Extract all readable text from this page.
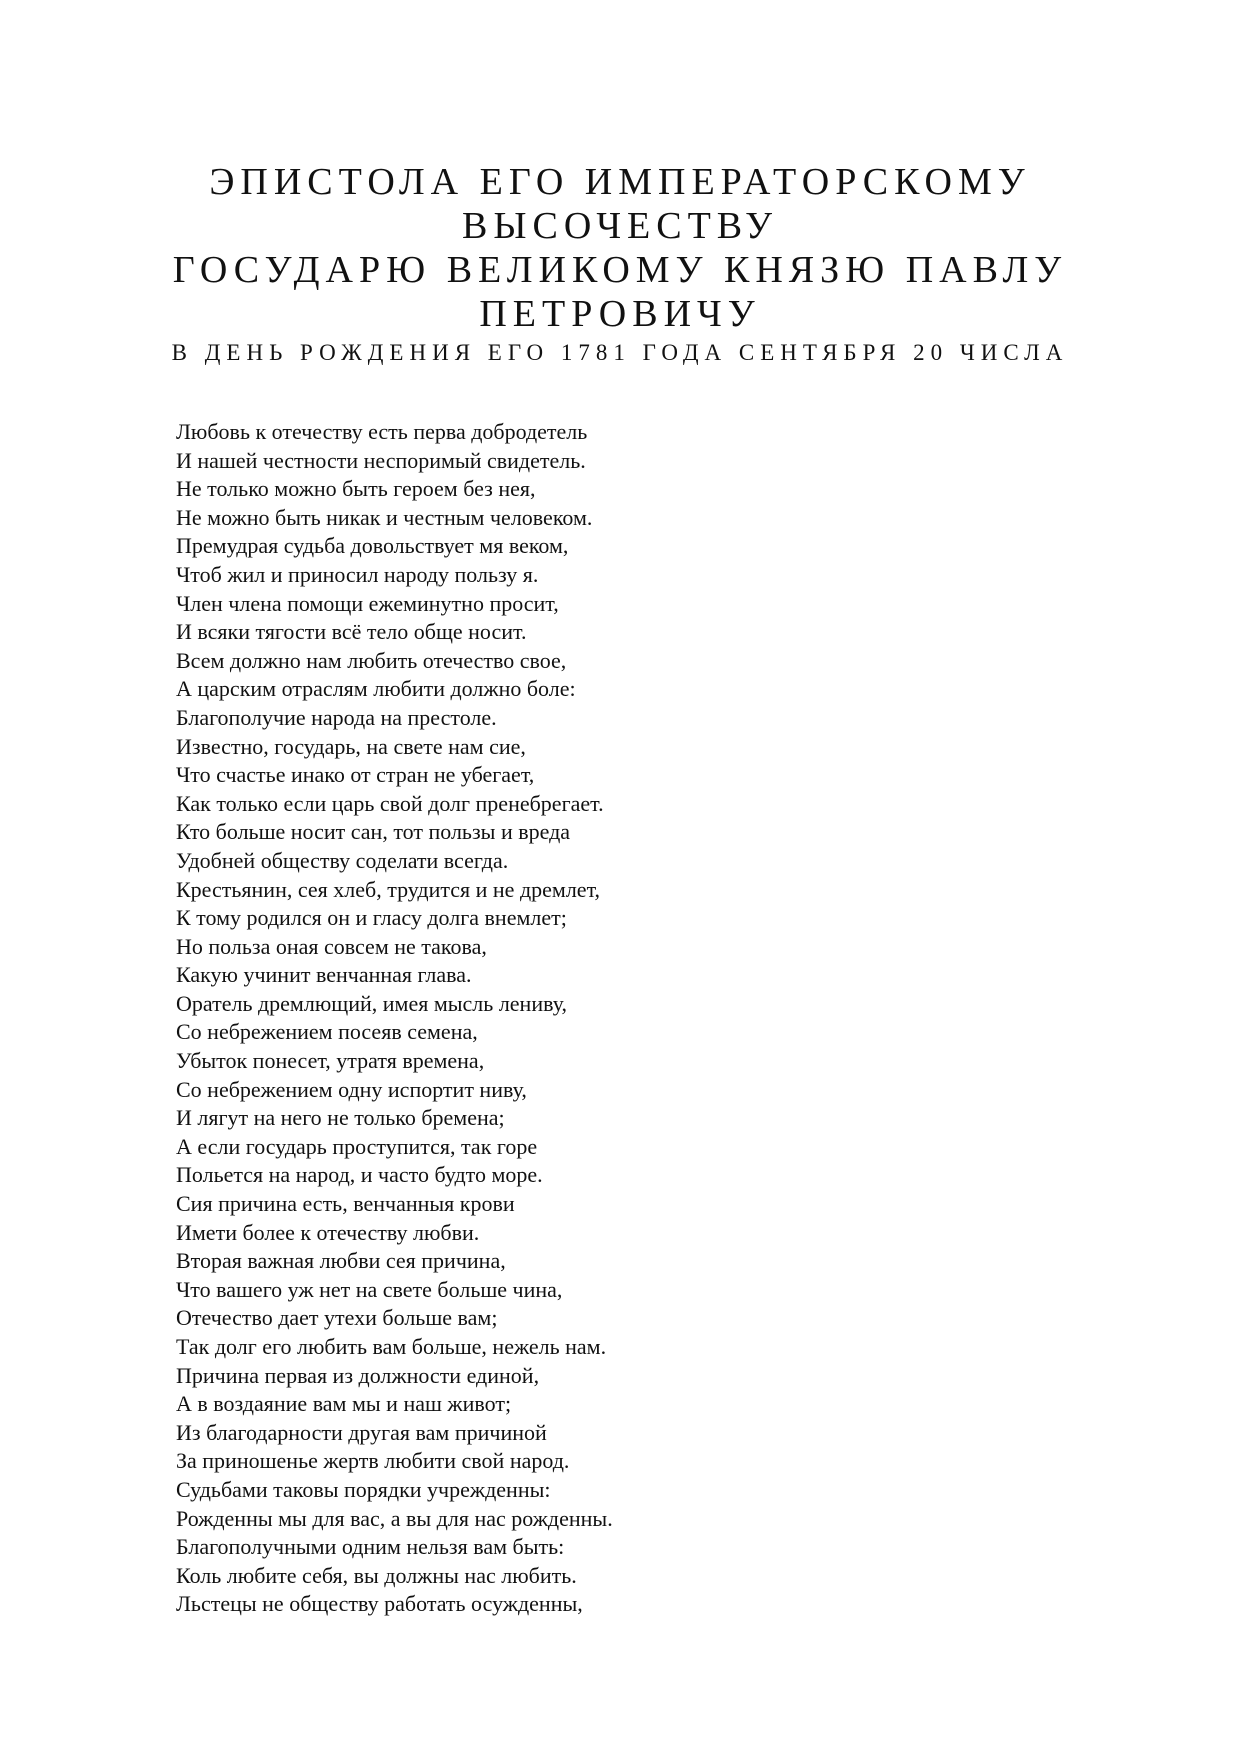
ЭПИСТОЛА ЕГО ИМПЕРАТОРСКОМУ
ВЫСОЧЕСТВУ
ГОСУДАРЮ ВЕЛИКОМУ КНЯЗЮ ПАВЛУ
ПЕТРОВИЧУ
В ДЕНЬ РОЖДЕНИЯ ЕГО 1781 ГОДА СЕНТЯБРЯ 20 ЧИСЛА
Любовь к отечеству есть перва добродетель
И нашей честности неспоримый свидетель.
Не только можно быть героем без нея,
Не можно быть никак и честным человеком.
Премудрая судьба довольствует мя веком,
Чтоб жил и приносил народу пользу я.
Член члена помощи ежеминутно просит,
И всяки тягости всё тело обще носит.
Всем должно нам любить отечество свое,
А царским отраслям любити должно боле:
Благополучие народа на престоле.
Известно, государь, на свете нам сие,
Что счастье инако от стран не убегает,
Как только если царь свой долг пренебрегает.
Кто больше носит сан, тот пользы и вреда
Удобней обществу соделати всегда.
Крестьянин, сея хлеб, трудится и не дремлет,
К тому родился он и гласу долга внемлет;
Но польза оная совсем не такова,
Какую учинит венчанная глава.
Оратель дремлющий, имея мысль лениву,
Со небрежением посеяв семена,
Убыток понесет, утратя времена,
Со небрежением одну испортит ниву,
И лягут на него не только бремена;
А если государь проступится, так горе
Польется на народ, и часто будто море.
Сия причина есть, венчанныя крови
Имети более к отечеству любви.
Вторая важная любви сея причина,
Что вашего уж нет на свете больше чина,
Отечество дает утехи больше вам;
Так долг его любить вам больше, нежель нам.
Причина первая из должности единой,
А в воздаяние вам мы и наш живот;
Из благодарности другая вам причиной
За приношенье жертв любити свой народ.
Судьбами таковы порядки учрежденны:
Рожденны мы для вас, а вы для нас рожденны.
Благополучными одним нельзя вам быть:
Коль любите себя, вы должны нас любить.
Льстецы не обществу работать осужденны,
